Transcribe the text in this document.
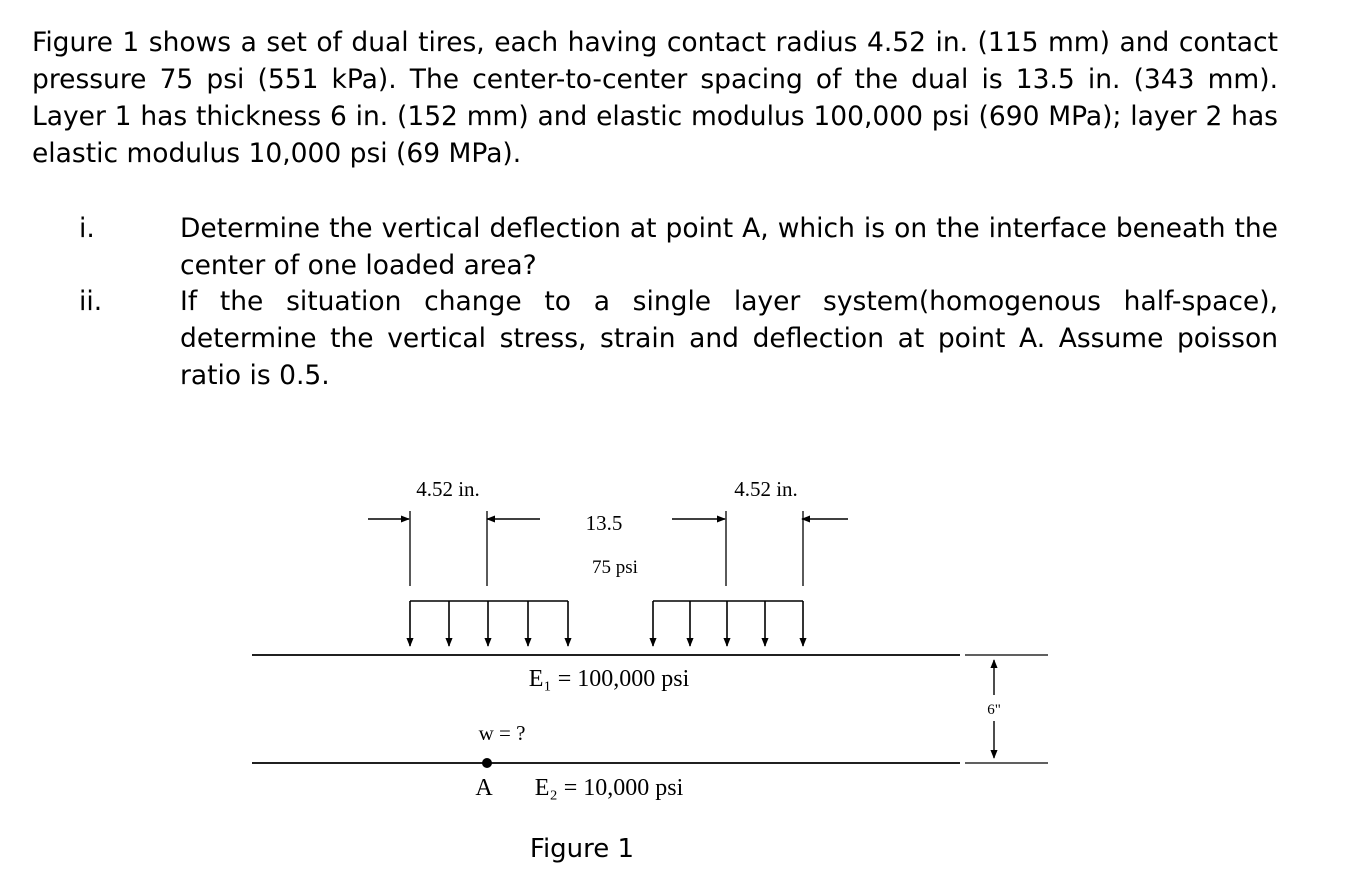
Figure 1 shows a set of dual tires, each having contact radius 4.52 in. (115 mm) and contact pressure 75 psi (551 kPa). The center-to-center spacing of the dual is 13.5 in. (343 mm). Layer 1 has thickness 6 in. (152 mm) and elastic modulus 100,000 psi (690 MPa); layer 2 has elastic modulus 10,000 psi (69 MPa).

i.	Determine the vertical deflection at point A, which is on the interface beneath the center of one loaded area?
ii.	If the situation change to a single layer system(homogenous half-space), determine the vertical stress, strain and deflection at point A. Assume poisson ratio is 0.5.
4.52 in.	4.52 in.
13.5
75 psi
6"
E₁ = 100,000 psi
w = ?
A E₂ = 10,000 psi
Figure 1
